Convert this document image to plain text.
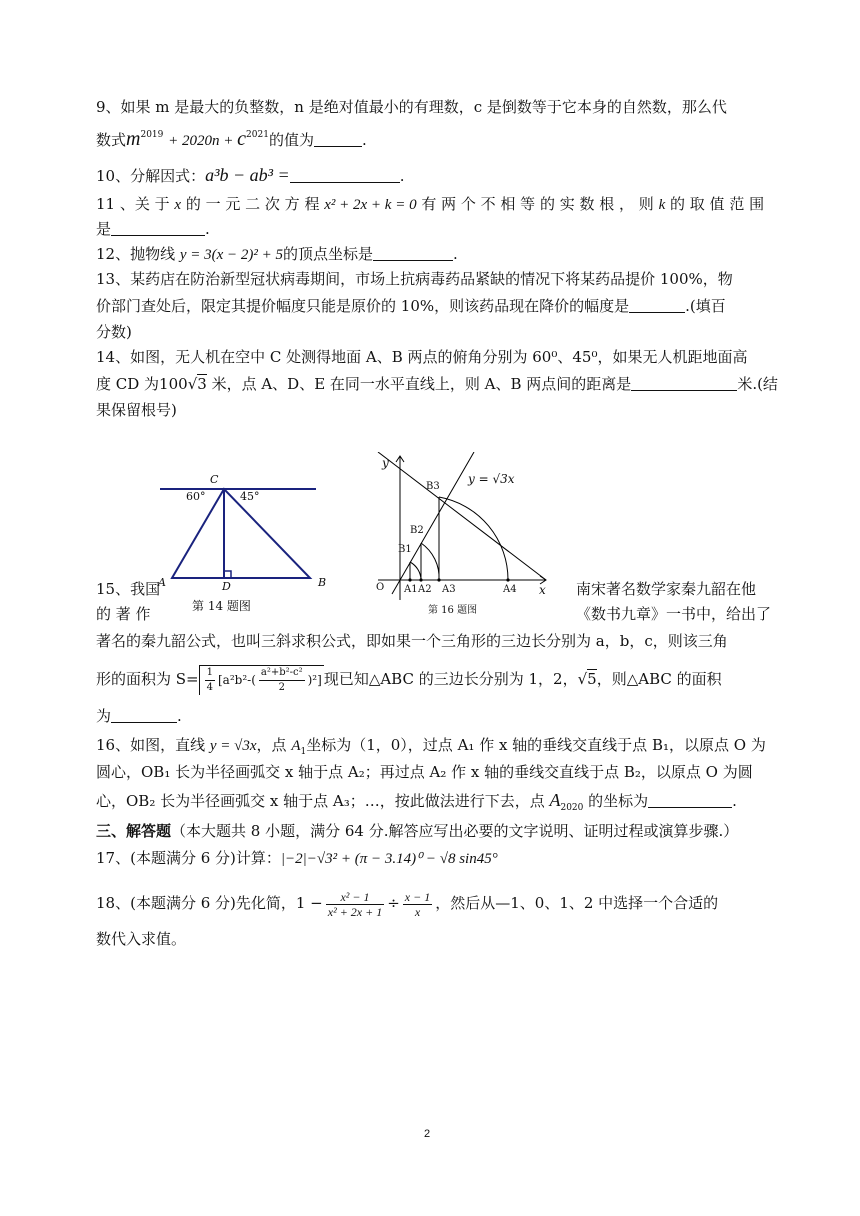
9、如果 m 是最大的负整数，n 是绝对值最小的有理数，c 是倒数等于它本身的自然数，那么代
数式$m^{2019} + 2020n + c^{2021}$的值为	.
10、分解因式：a³b − ab³ =	.
11 、关 于 x 的 一 元 二 次 方 程 x² + 2x + k = 0 有 两 个 不 相 等 的 实 数 根 ， 则 k 的 取 值 范 围
是	.
12、抛物线 y = 3(x − 2)² + 5的顶点坐标是	.
13、某药店在防治新型冠状病毒期间，市场上抗病毒药品紧缺的情况下将某药品提价 100%，物
价部门查处后，限定其提价幅度只能是原价的 10%，则该药品现在降价的幅度是	.(填百
分数)
14、如图，无人机在空中 C 处测得地面 A、B 两点的俯角分别为 60⁰、45⁰，如果无人机距地面高
度 CD 为100√3 米，点 A、D、E 在同一水平直线上，则 A、B 两点间的距离是	米.(结
果保留根号)
C
60°	45°
A	D	B
第 14 题图
y
x
O
y = √3x
B1
B2
B3
A1 A2 A3	A4
第 16 题图
15、我国	南宋著名数学家秦九韶在他
的 著 作	《数书九章》一书中，给出了
著名的秦九韶公式，也叫三斜求积公式，即如果一个三角形的三边长分别为 a，b，c，则该三角
形的面积为 $S= \frac{1}{4} [a^2b^2-( \frac{\text{a²+b²-c²}}{2} )^2]$ 现已知△ABC 的三边长分别为 1，2，√5，则△ABC 的面积
为	.
16、如图，直线 y = √3x，点 $A_1$坐标为（1，0），过点 A₁ 作 x 轴的垂线交直线于点 B₁，以原点 O 为
圆心，OB₁ 长为半径画弧交 x 轴于点 A₂；再过点 A₂ 作 x 轴的垂线交直线于点 B₂，以原点 O 为圆
心，OB₂ 长为半径画弧交 x 轴于点 A₃；…，按此做法进行下去，点 $A_{2020}$ 的坐标为	.
三、解答题（本大题共 8 小题，满分 64 分.解答应写出必要的文字说明、证明过程或演算步骤.）
17、(本题满分 6 分)计算：|−2|−√3² + (π − 3.14)⁰ − √8 sin45°
18、(本题满分 6 分)先化简，$1 - \frac{\text{x² − 1}}{\text{x² + 2x + 1}} \div \frac{x - 1}{x}$ ，然后从—1、0、1、2 中选择一个合适的
数代入求值。
2
